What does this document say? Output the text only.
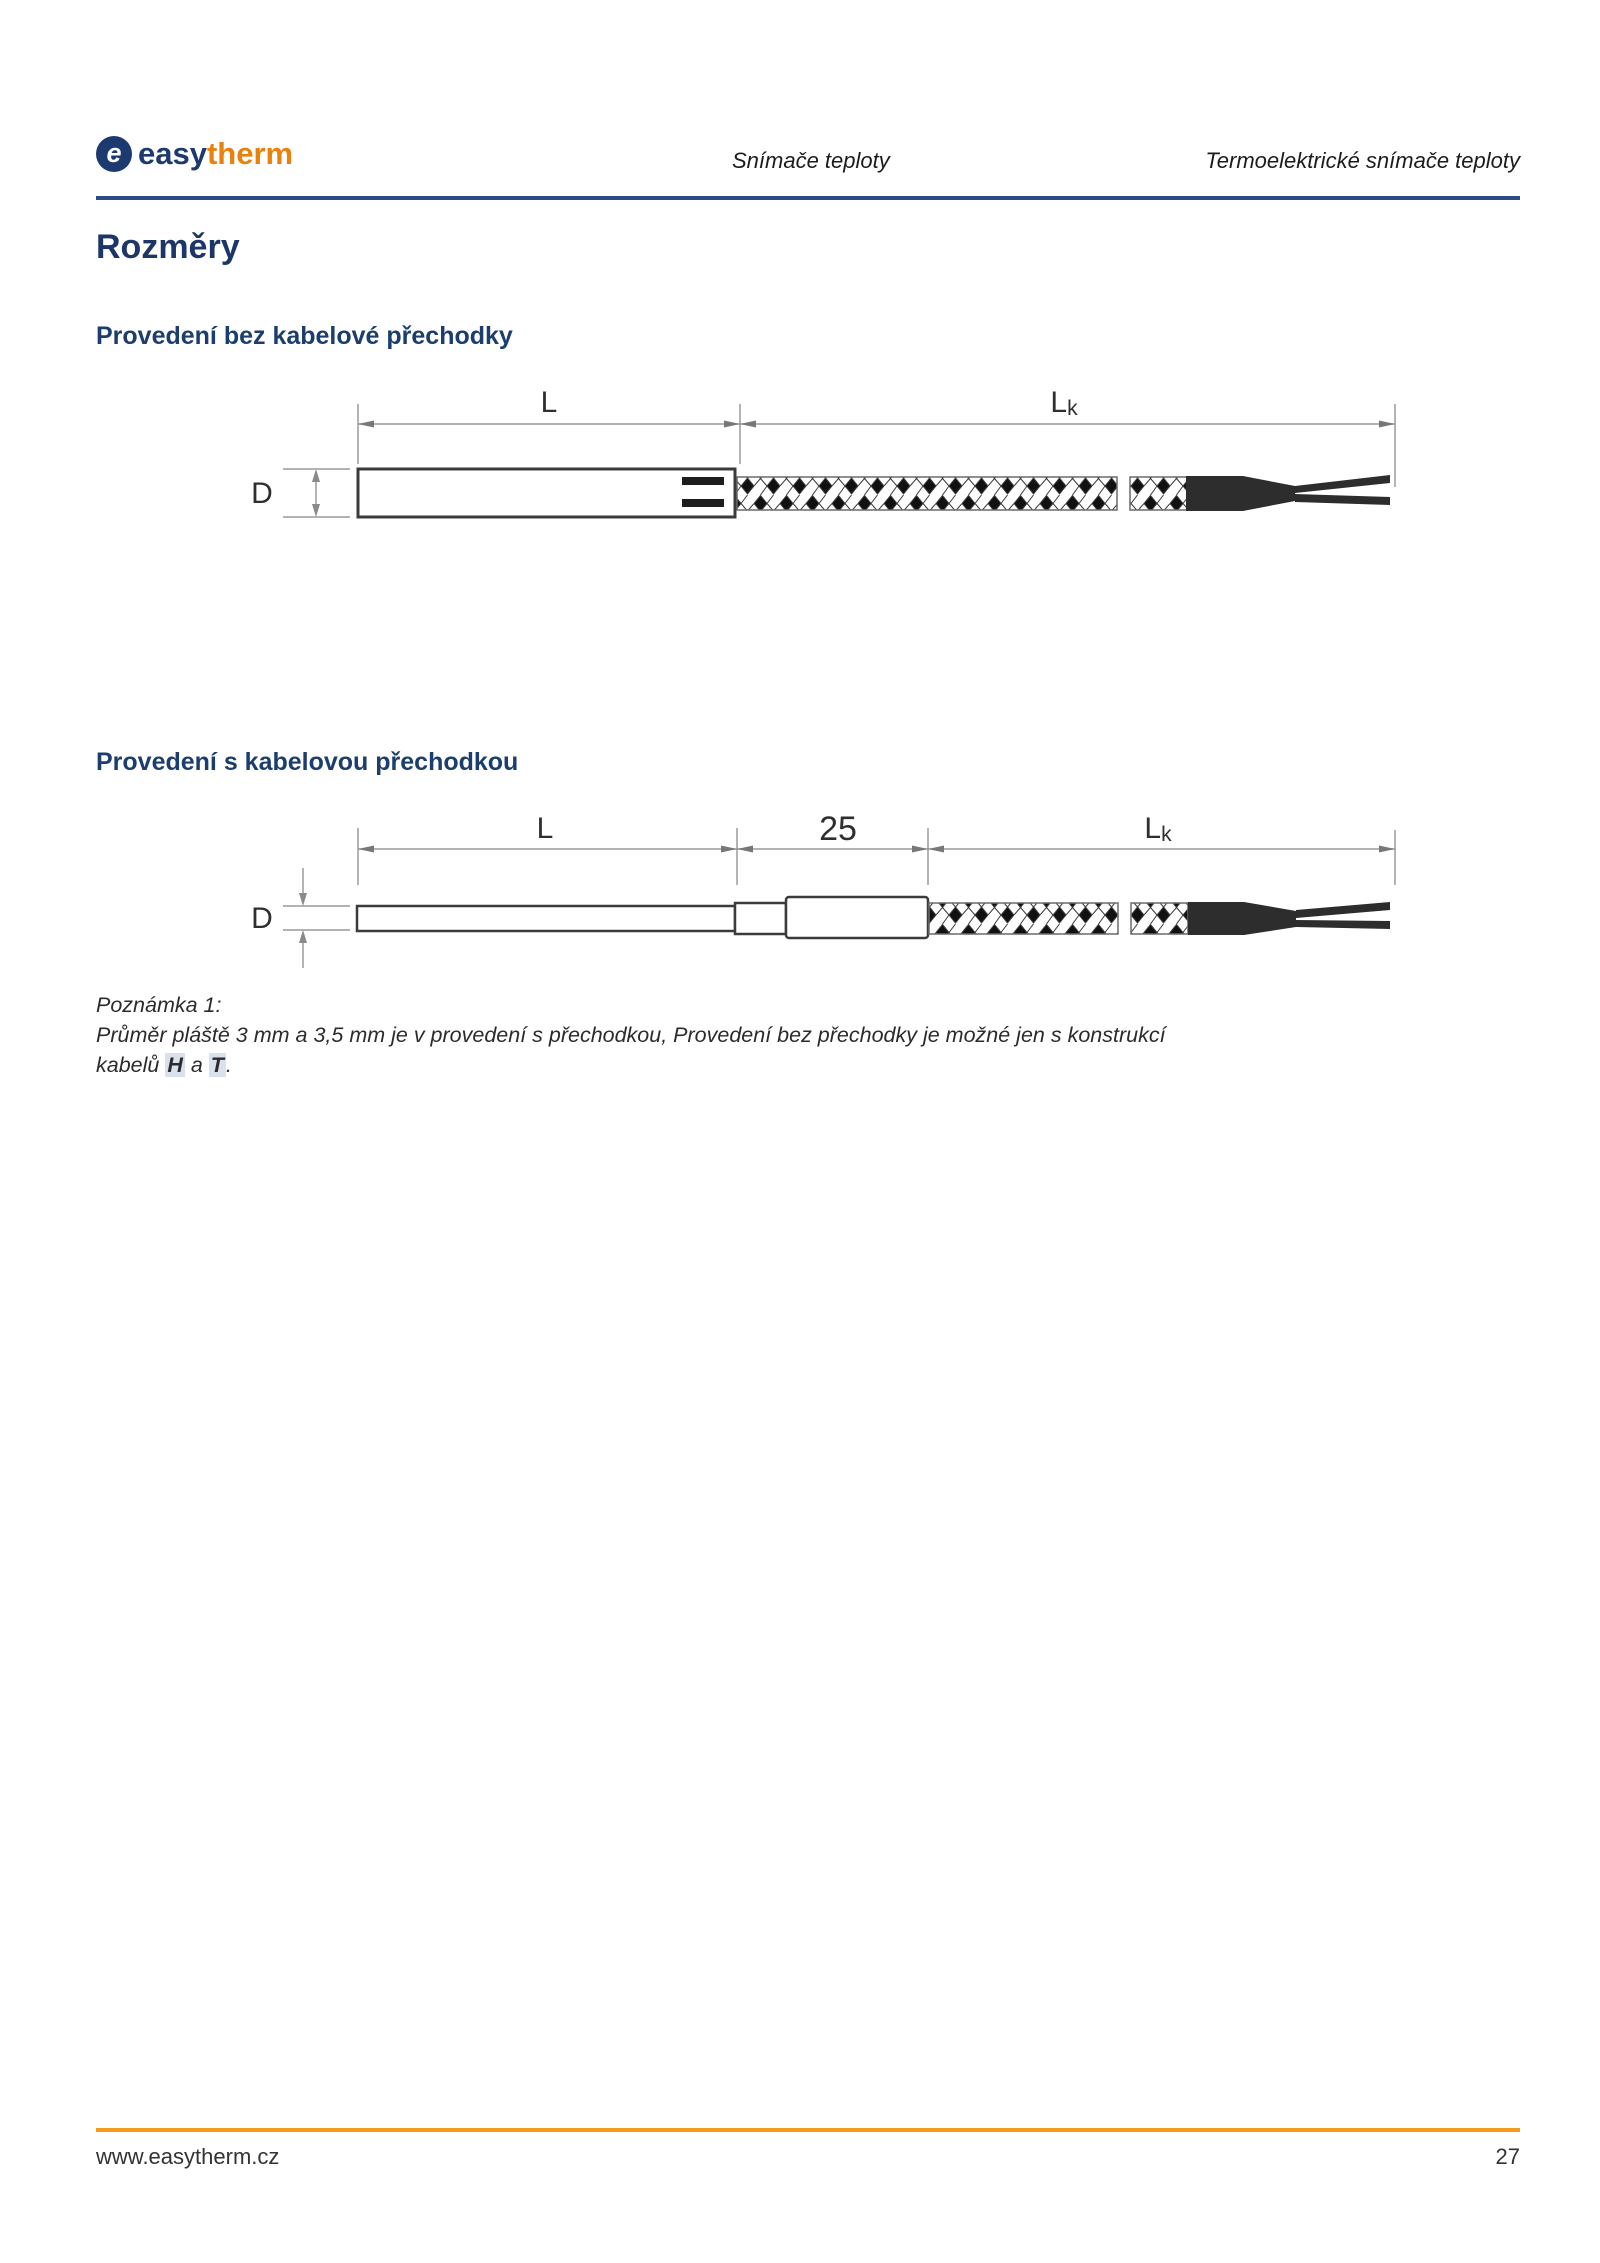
e easytherm	Snímače teploty	Termoelektrické snímače teploty
Rozměry
Provedení bez kabelové přechodky
L	Lk
D
Provedení s kabelovou přechodkou
L	25	Lk
D
Poznámka 1:
Průměr pláště 3 mm a 3,5 mm je v provedení s přechodkou, Provedení bez přechodky je možné jen s konstrukcí
kabelů H a T.
www.easytherm.cz	27
